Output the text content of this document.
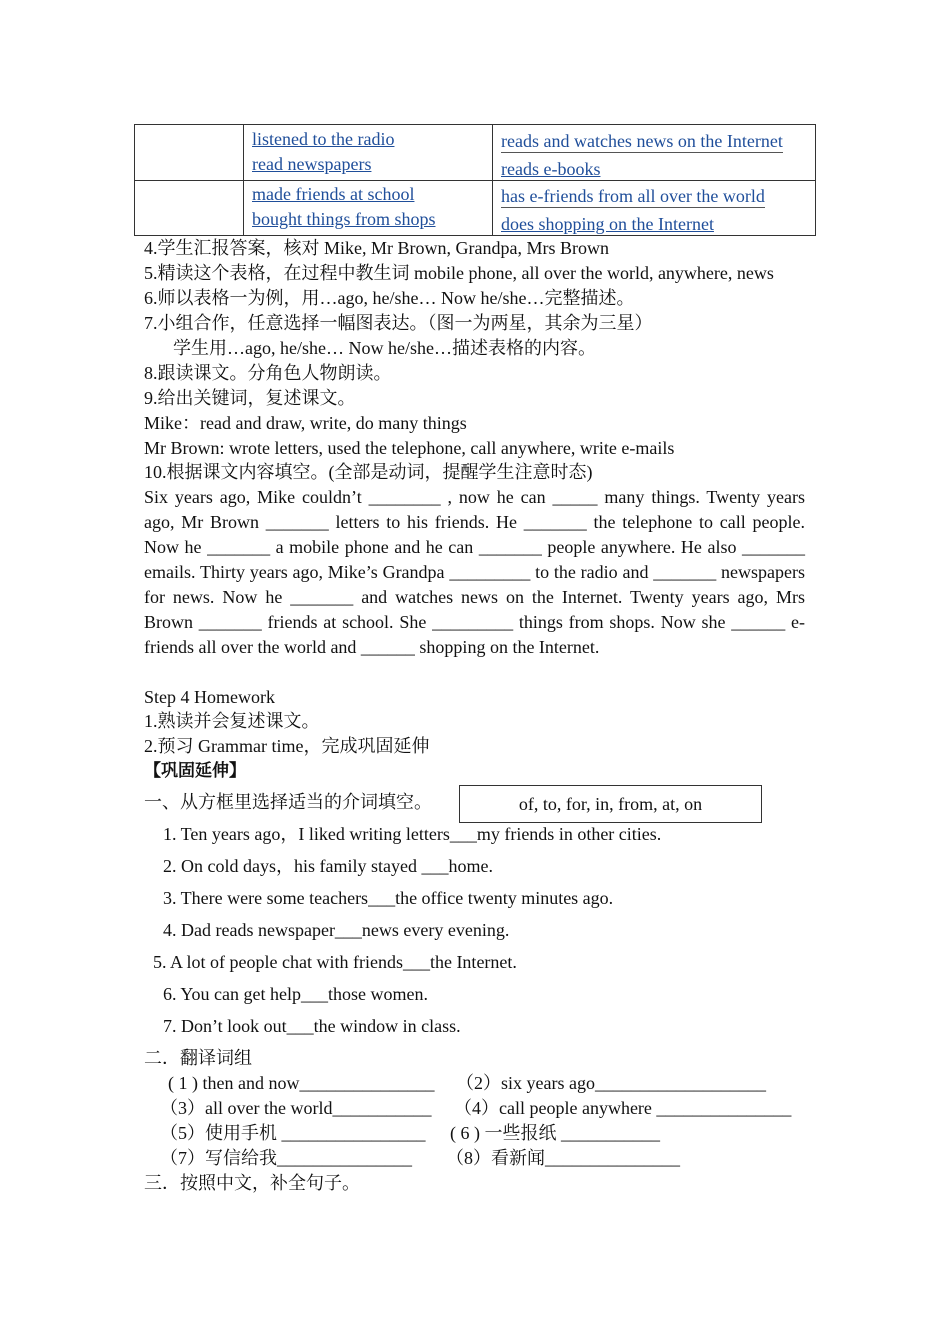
listened to the radio
read newspapers
reads and watches news on the Internet
reads e-books
made friends at school
bought things from shops
has e-friends from all over the world
does shopping on the Internet
4.学生汇报答案，核对 Mike, Mr Brown, Grandpa, Mrs Brown
5.精读这个表格，在过程中教生词 mobile phone, all over the world, anywhere, news
6.师以表格一为例，用…ago, he/she… Now he/she…完整描述。
7.小组合作，任意选择一幅图表达。（图一为两星，其余为三星）
学生用…ago, he/she… Now he/she…描述表格的内容。
8.跟读课文。分角色人物朗读。
9.给出关键词，复述课文。
Mike：read and draw, write, do many things
Mr Brown: wrote letters, used the telephone, call anywhere, write e-mails
10.根据课文内容填空。(全部是动词，提醒学生注意时态)
Six years ago, Mike couldn’t ________ , now he can _____ many things. Twenty years ago, Mr Brown _______ letters to his friends. He _______ the telephone to call people. Now he _______ a mobile phone and he can _______ people anywhere. He also _______ emails. Thirty years ago, Mike’s Grandpa _________ to the radio and _______ newspapers for news. Now he _______ and watches news on the Internet. Twenty years ago, Mrs Brown _______ friends at school. She _________ things from shops. Now she ______ e-friends all over the world and ______ shopping on the Internet.
Step 4 Homework
1.熟读并会复述课文。
2.预习 Grammar time，完成巩固延伸
【巩固延伸】
一、从方框里选择适当的介词填空。	of, to, for, in, from, at, on
1. Ten years ago，I liked writing letters___my friends in other cities.
2. On cold days，his family stayed ___home.
3. There were some teachers___the office twenty minutes ago.
4. Dad reads newspaper___news every evening.
5. A lot of people chat with friends___the Internet.
6. You can get help___those women.
7. Don’t look out___the window in class.
二．翻译词组
( 1 ) then and now_______________ （2）six years ago___________________
（3）all over the world___________ （4）call people anywhere _______________
（5）使用手机 ________________ ( 6 ) 一些报纸 ___________
（7）写信给我_______________ （8）看新闻_______________
三．按照中文，补全句子。
